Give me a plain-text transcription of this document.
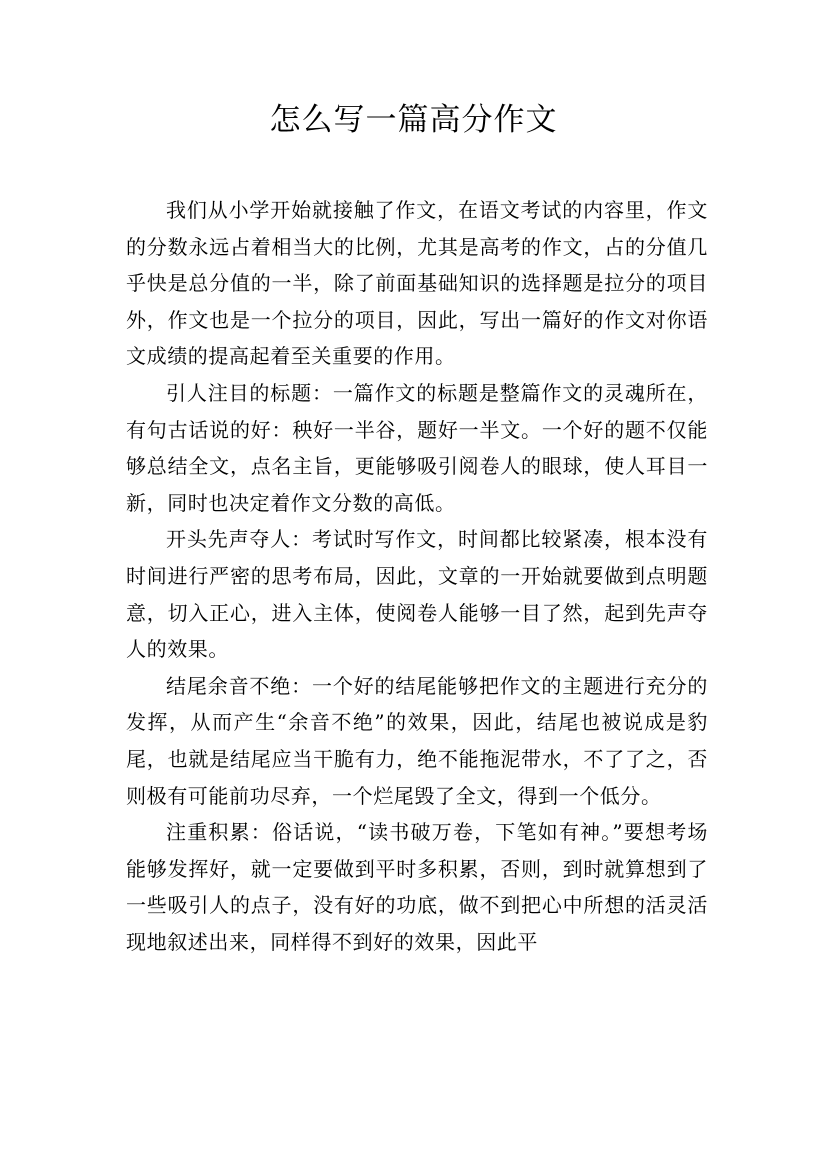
怎么写一篇高分作文

我们从小学开始就接触了作文，在语文考试的内容里，作文的分数永远占着相当大的比例，尤其是高考的作文，占的分值几乎快是总分值的一半，除了前面基础知识的选择题是拉分的项目外，作文也是一个拉分的项目，因此，写出一篇好的作文对你语文成绩的提高起着至关重要的作用。

引人注目的标题：一篇作文的标题是整篇作文的灵魂所在，有句古话说的好：秧好一半谷，题好一半文。一个好的题不仅能够总结全文，点名主旨，更能够吸引阅卷人的眼球，使人耳目一新，同时也决定着作文分数的高低。

开头先声夺人：考试时写作文，时间都比较紧凑，根本没有时间进行严密的思考布局，因此，文章的一开始就要做到点明题意，切入正心，进入主体，使阅卷人能够一目了然，起到先声夺人的效果。

结尾余音不绝：一个好的结尾能够把作文的主题进行充分的发挥，从而产生“余音不绝”的效果，因此，结尾也被说成是豹尾，也就是结尾应当干脆有力，绝不能拖泥带水，不了了之，否则极有可能前功尽弃，一个烂尾毁了全文，得到一个低分。

注重积累：俗话说，“读书破万卷，下笔如有神。”要想考场能够发挥好，就一定要做到平时多积累，否则，到时就算想到了一些吸引人的点子，没有好的功底，做不到把心中所想的活灵活现地叙述出来，同样得不到好的效果，因此平
